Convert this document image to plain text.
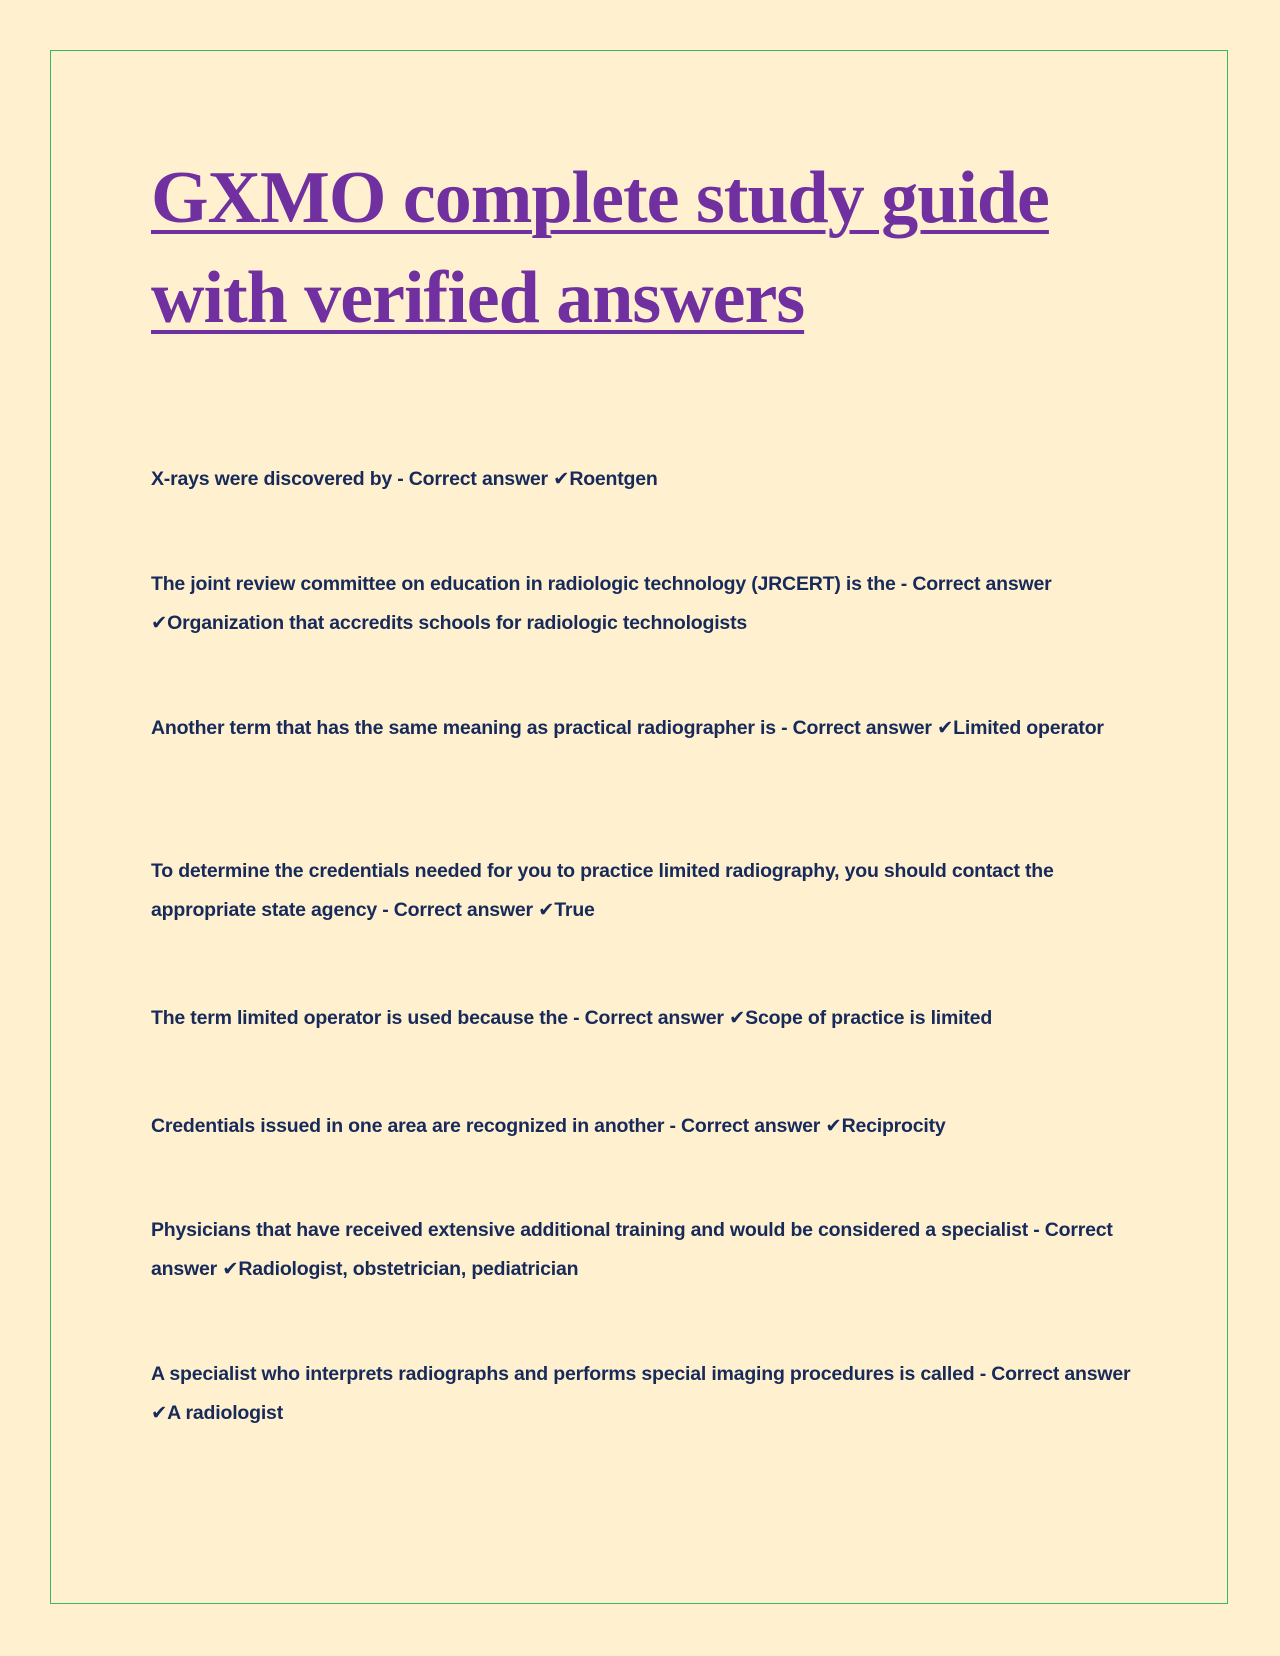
GXMO complete study guide with verified answers

X-rays were discovered by - Correct answer ✔Roentgen

The joint review committee on education in radiologic technology (JRCERT) is the - Correct answer ✔Organization that accredits schools for radiologic technologists

Another term that has the same meaning as practical radiographer is - Correct answer ✔Limited operator

To determine the credentials needed for you to practice limited radiography, you should contact the appropriate state agency - Correct answer ✔True

The term limited operator is used because the - Correct answer ✔Scope of practice is limited

Credentials issued in one area are recognized in another - Correct answer ✔Reciprocity

Physicians that have received extensive additional training and would be considered a specialist - Correct answer ✔Radiologist, obstetrician, pediatrician

A specialist who interprets radiographs and performs special imaging procedures is called - Correct answer ✔A radiologist
